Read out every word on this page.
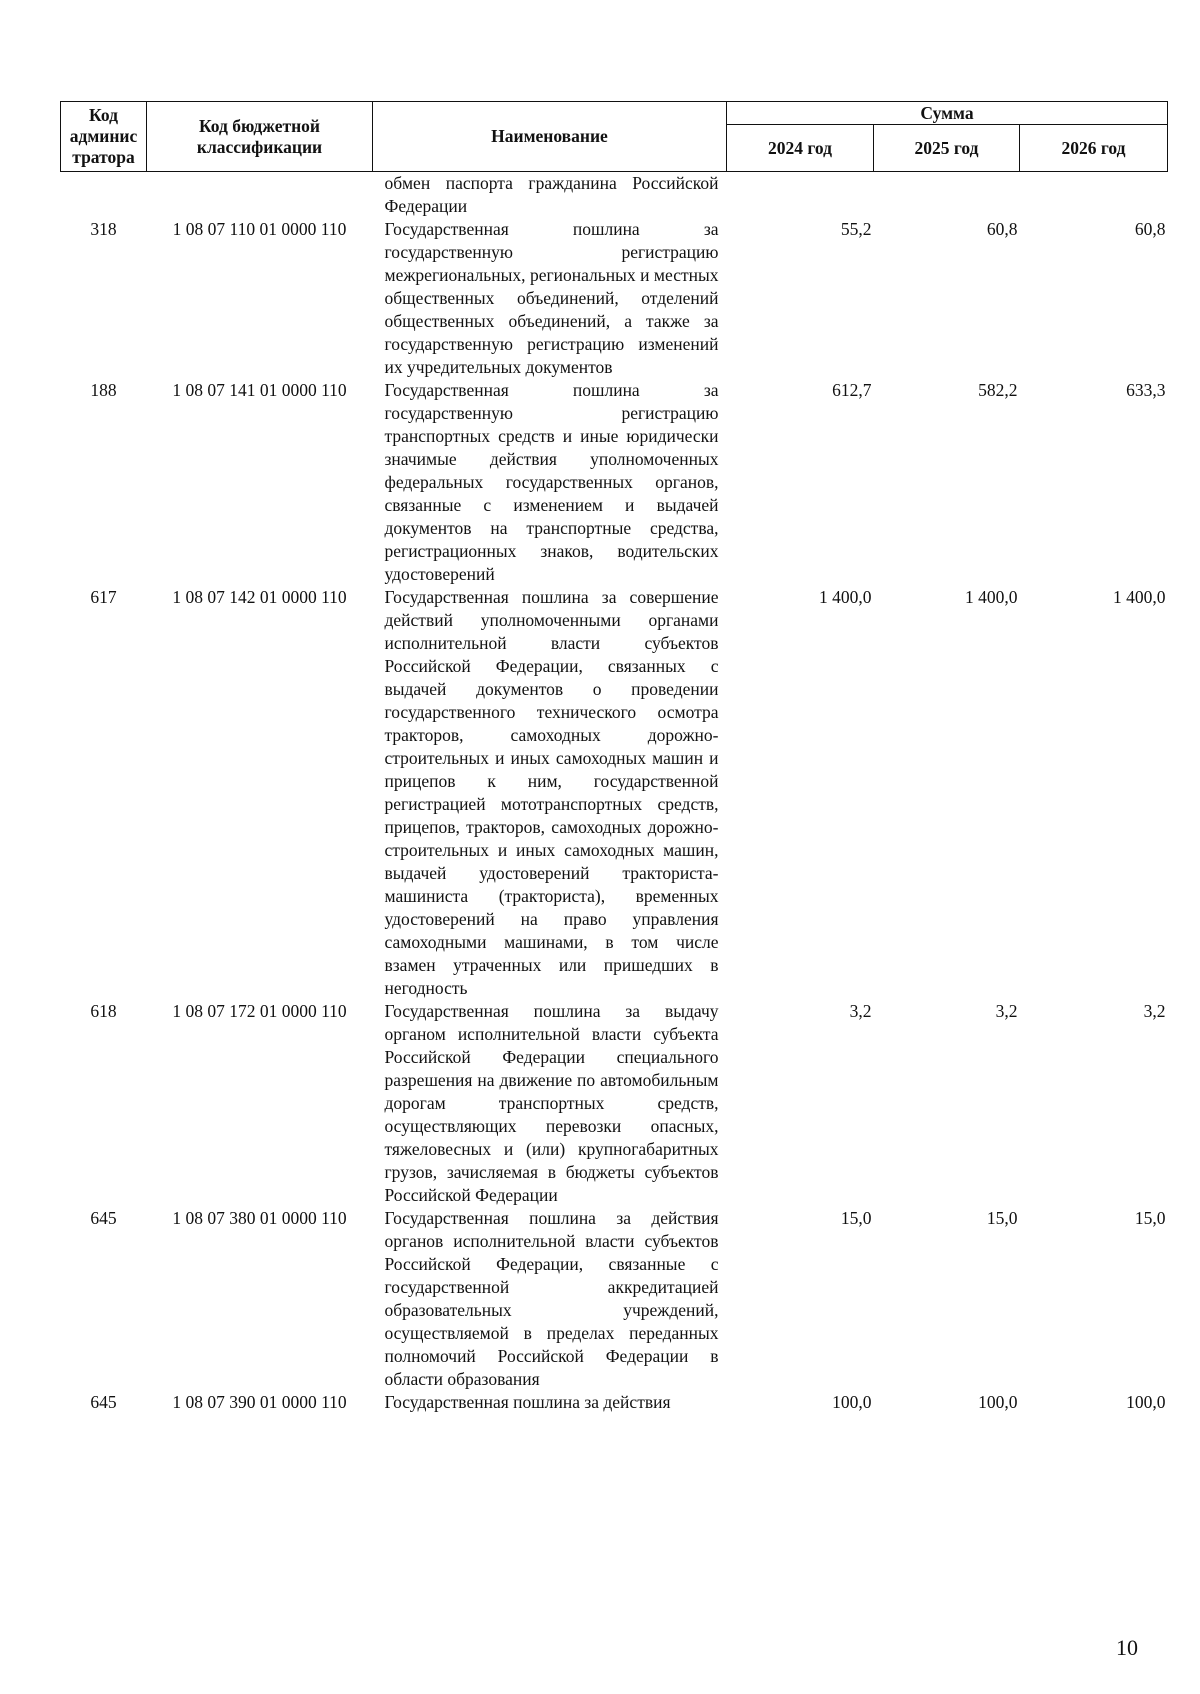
Код админис тратора	Код бюджетной классификации	Наименование	Сумма		
			2024 год	2025 год	2026 год
		обмен паспорта гражданина Российской Федерации			
318	1 08 07 110 01 0000 110	Государственная пошлина за государственную регистрацию межрегиональных, региональных и местных общественных объединений, отделений общественных объединений, а также за государственную регистрацию изменений их учредительных документов	55,2	60,8	60,8
188	1 08 07 141 01 0000 110	Государственная пошлина за государственную регистрацию транспортных средств и иные юридически значимые действия уполномоченных федеральных государственных органов, связанные с изменением и выдачей документов на транспортные средства, регистрационных знаков, водительских удостоверений	612,7	582,2	633,3
617	1 08 07 142 01 0000 110	Государственная пошлина за совершение действий уполномоченными органами исполнительной власти субъектов Российской Федерации, связанных с выдачей документов о проведении государственного технического осмотра тракторов, самоходных дорожно-строительных и иных самоходных машин и прицепов к ним, государственной регистрацией мототранспортных средств, прицепов, тракторов, самоходных дорожно-строительных и иных самоходных машин, выдачей удостоверений тракториста-машиниста (тракториста), временных удостоверений на право управления самоходными машинами, в том числе взамен утраченных или пришедших в негодность	1 400,0	1 400,0	1 400,0
618	1 08 07 172 01 0000 110	Государственная пошлина за выдачу органом исполнительной власти субъекта Российской Федерации специального разрешения на движение по автомобильным дорогам транспортных средств, осуществляющих перевозки опасных, тяжеловесных и (или) крупногабаритных грузов, зачисляемая в бюджеты субъектов Российской Федерации	3,2	3,2	3,2
645	1 08 07 380 01 0000 110	Государственная пошлина за действия органов исполнительной власти субъектов Российской Федерации, связанные с государственной аккредитацией образовательных учреждений, осуществляемой в пределах переданных полномочий Российской Федерации в области образования	15,0	15,0	15,0
645	1 08 07 390 01 0000 110	Государственная пошлина за действия	100,0	100,0	100,0
10
